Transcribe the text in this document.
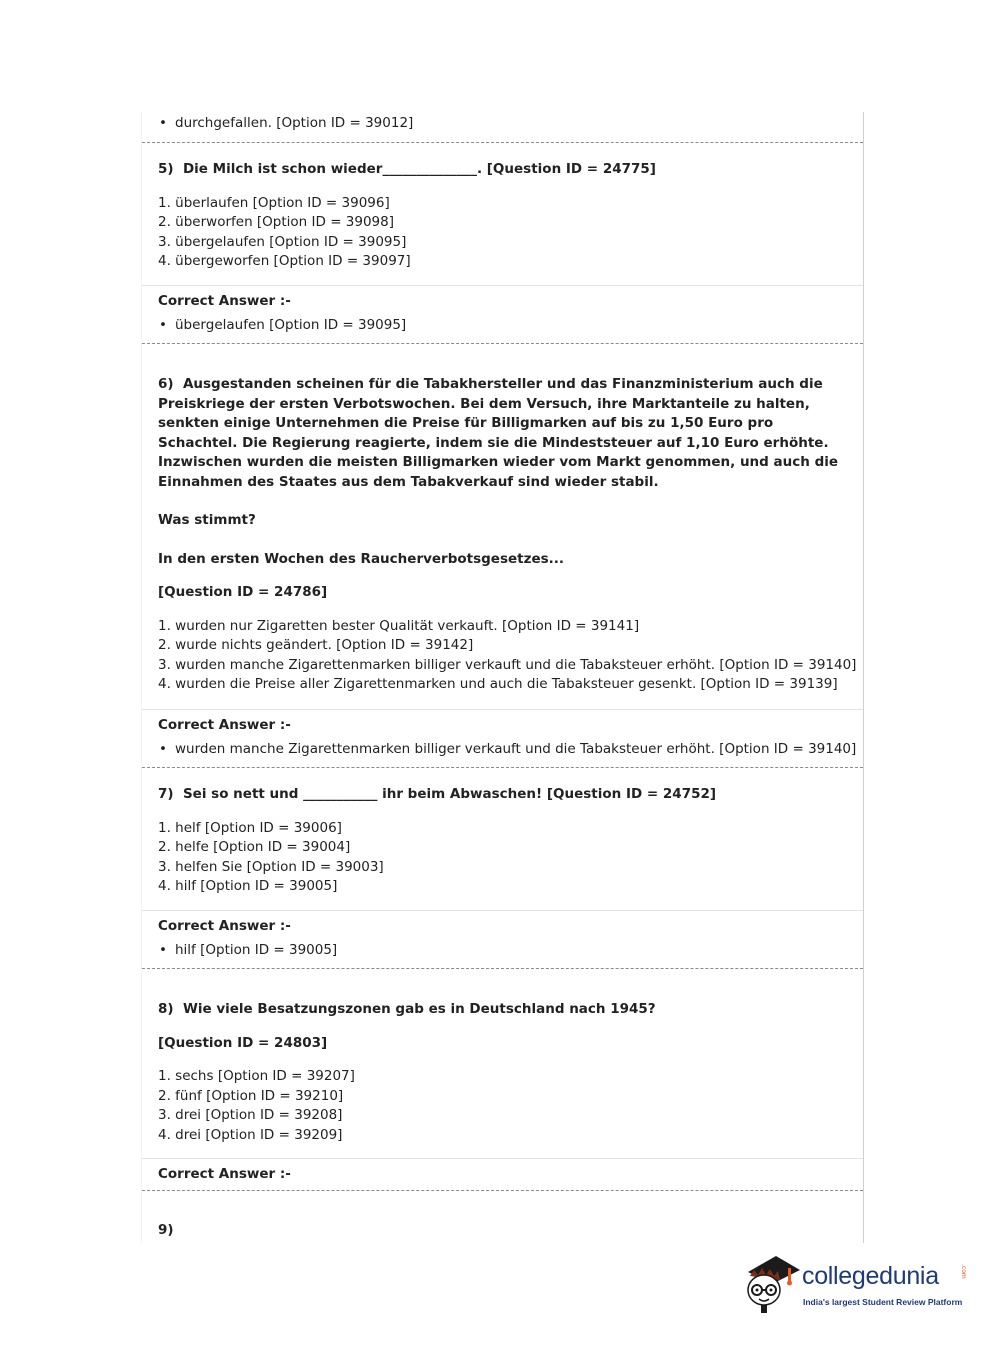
• durchgefallen. [Option ID = 39012]
5)  Die Milch ist schon wieder______________. [Question ID = 24775]
1. überlaufen [Option ID = 39096]
2. überworfen [Option ID = 39098]
3. übergelaufen [Option ID = 39095]
4. übergeworfen [Option ID = 39097]
Correct Answer :-
• übergelaufen [Option ID = 39095]
6)  Ausgestanden scheinen für die Tabakhersteller und das Finanzministerium auch die Preiskriege der ersten Verbotswochen. Bei dem Versuch, ihre Marktanteile zu halten, senkten einige Unternehmen die Preise für Billigmarken auf bis zu 1,50 Euro pro Schachtel. Die Regierung reagierte, indem sie die Mindeststeuer auf 1,10 Euro erhöhte. Inzwischen wurden die meisten Billigmarken wieder vom Markt genommen, und auch die Einnahmen des Staates aus dem Tabakverkauf sind wieder stabil.
Was stimmt?
In den ersten Wochen des Raucherverbotsgesetzes...
[Question ID = 24786]
1. wurden nur Zigaretten bester Qualität verkauft. [Option ID = 39141]
2. wurde nichts geändert. [Option ID = 39142]
3. wurden manche Zigarettenmarken billiger verkauft und die Tabaksteuer erhöht. [Option ID = 39140]
4. wurden die Preise aller Zigarettenmarken und auch die Tabaksteuer gesenkt. [Option ID = 39139]
Correct Answer :-
• wurden manche Zigarettenmarken billiger verkauft und die Tabaksteuer erhöht. [Option ID = 39140]
7)  Sei so nett und ___________ ihr beim Abwaschen! [Question ID = 24752]
1. helf [Option ID = 39006]
2. helfe [Option ID = 39004]
3. helfen Sie [Option ID = 39003]
4. hilf [Option ID = 39005]
Correct Answer :-
• hilf [Option ID = 39005]
8)  Wie viele Besatzungszonen gab es in Deutschland nach 1945?
[Question ID = 24803]
1. sechs [Option ID = 39207]
2. fünf [Option ID = 39210]
3. drei [Option ID = 39208]
4. drei [Option ID = 39209]
Correct Answer :-
9)
collegedunia	.com
India's largest Student Review Platform
